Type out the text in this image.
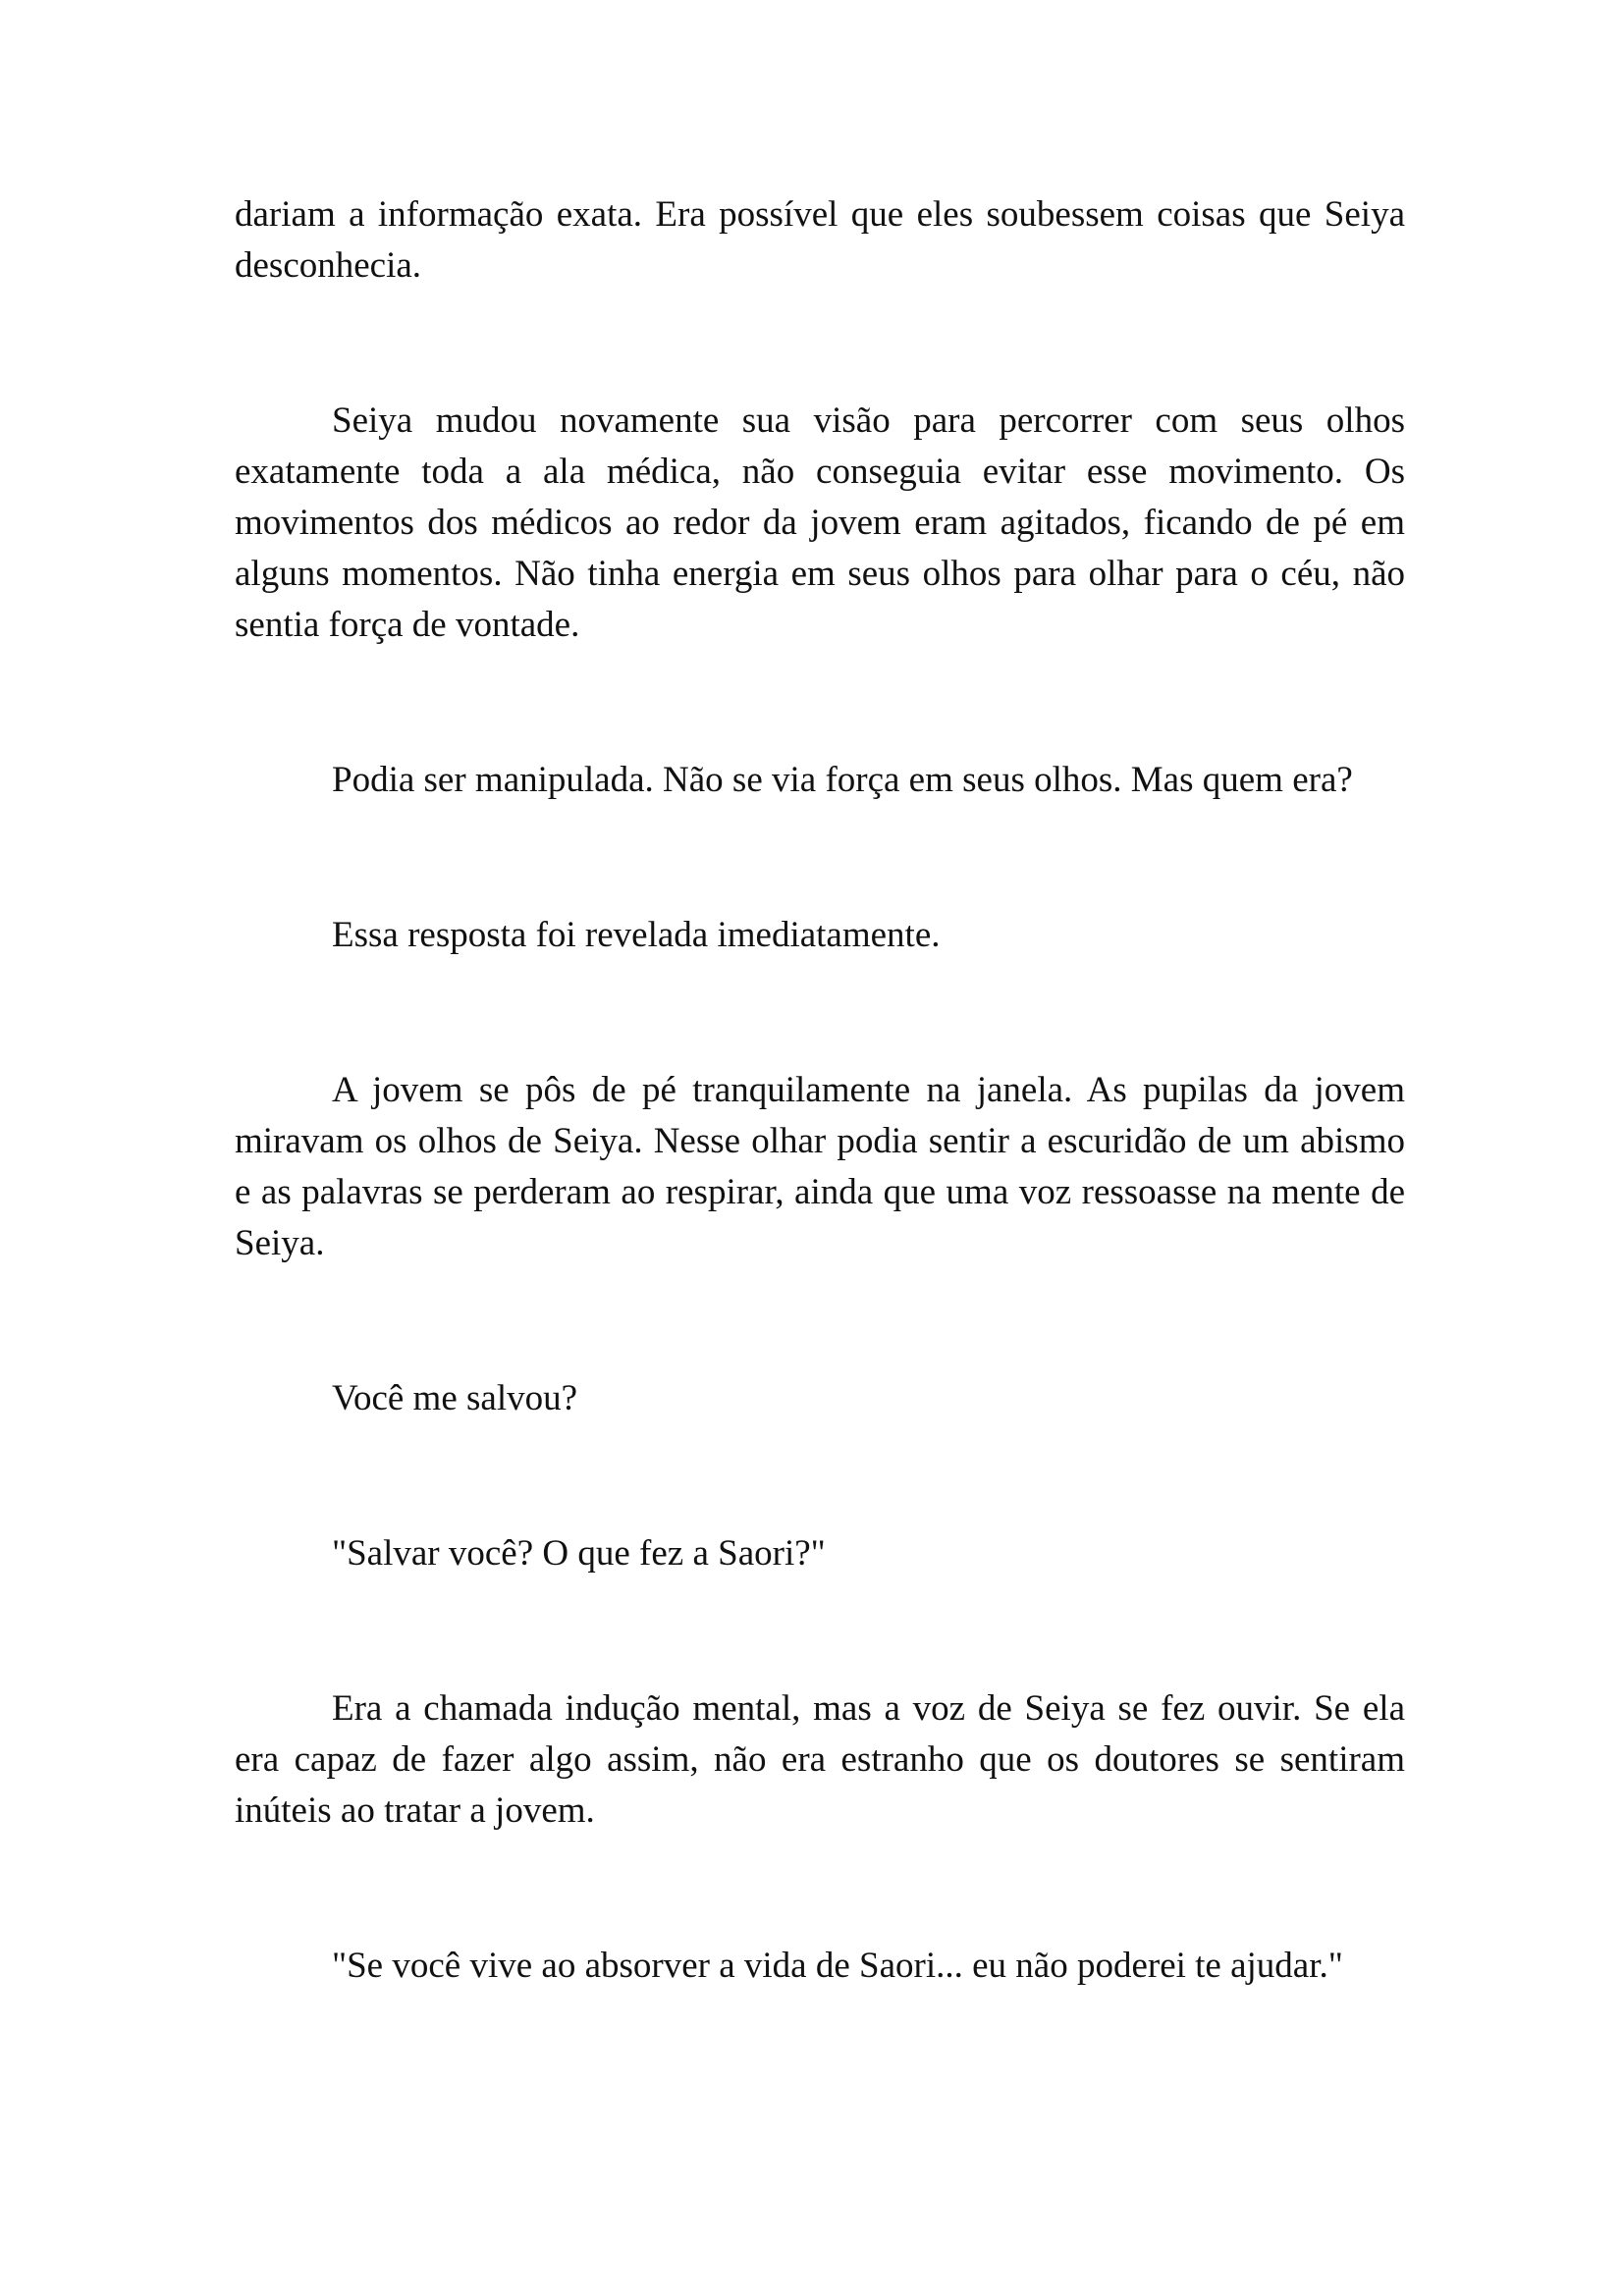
dariam a informação exata. Era possível que eles soubessem coisas que Seiya desconhecia.

Seiya mudou novamente sua visão para percorrer com seus olhos exatamente toda a ala médica, não conseguia evitar esse movimento. Os movimentos dos médicos ao redor da jovem eram agitados, ficando de pé em alguns momentos. Não tinha energia em seus olhos para olhar para o céu, não sentia força de vontade.

Podia ser manipulada. Não se via força em seus olhos. Mas quem era?

Essa resposta foi revelada imediatamente.

A jovem se pôs de pé tranquilamente na janela. As pupilas da jovem miravam os olhos de Seiya. Nesse olhar podia sentir a escuridão de um abismo e as palavras se perderam ao respirar, ainda que uma voz ressoasse na mente de Seiya.

Você me salvou?

"Salvar você? O que fez a Saori?"

Era a chamada indução mental, mas a voz de Seiya se fez ouvir. Se ela era capaz de fazer algo assim, não era estranho que os doutores se sentiram inúteis ao tratar a jovem.

"Se você vive ao absorver a vida de Saori... eu não poderei te ajudar."
